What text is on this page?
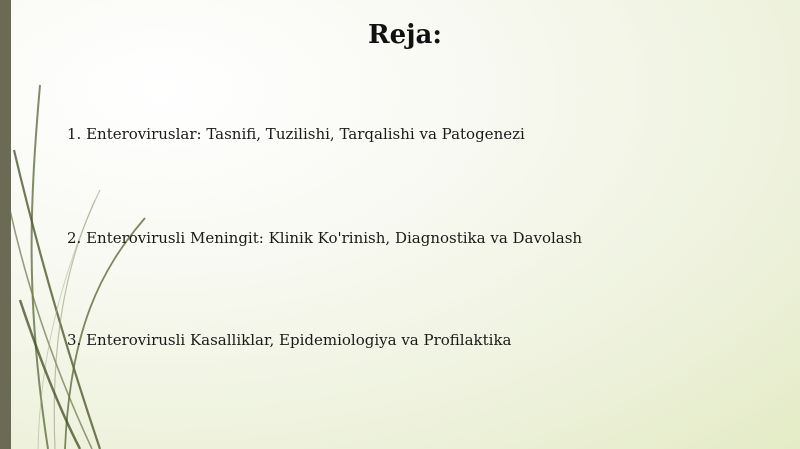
Reja:
1. Enteroviruslar: Tasnifi, Tuzilishi, Tarqalishi va Patogenezi
2. Enterovirusli Meningit: Klinik Ko'rinish, Diagnostika va Davolash
3. Enterovirusli Kasalliklar, Epidemiologiya va Profilaktika
